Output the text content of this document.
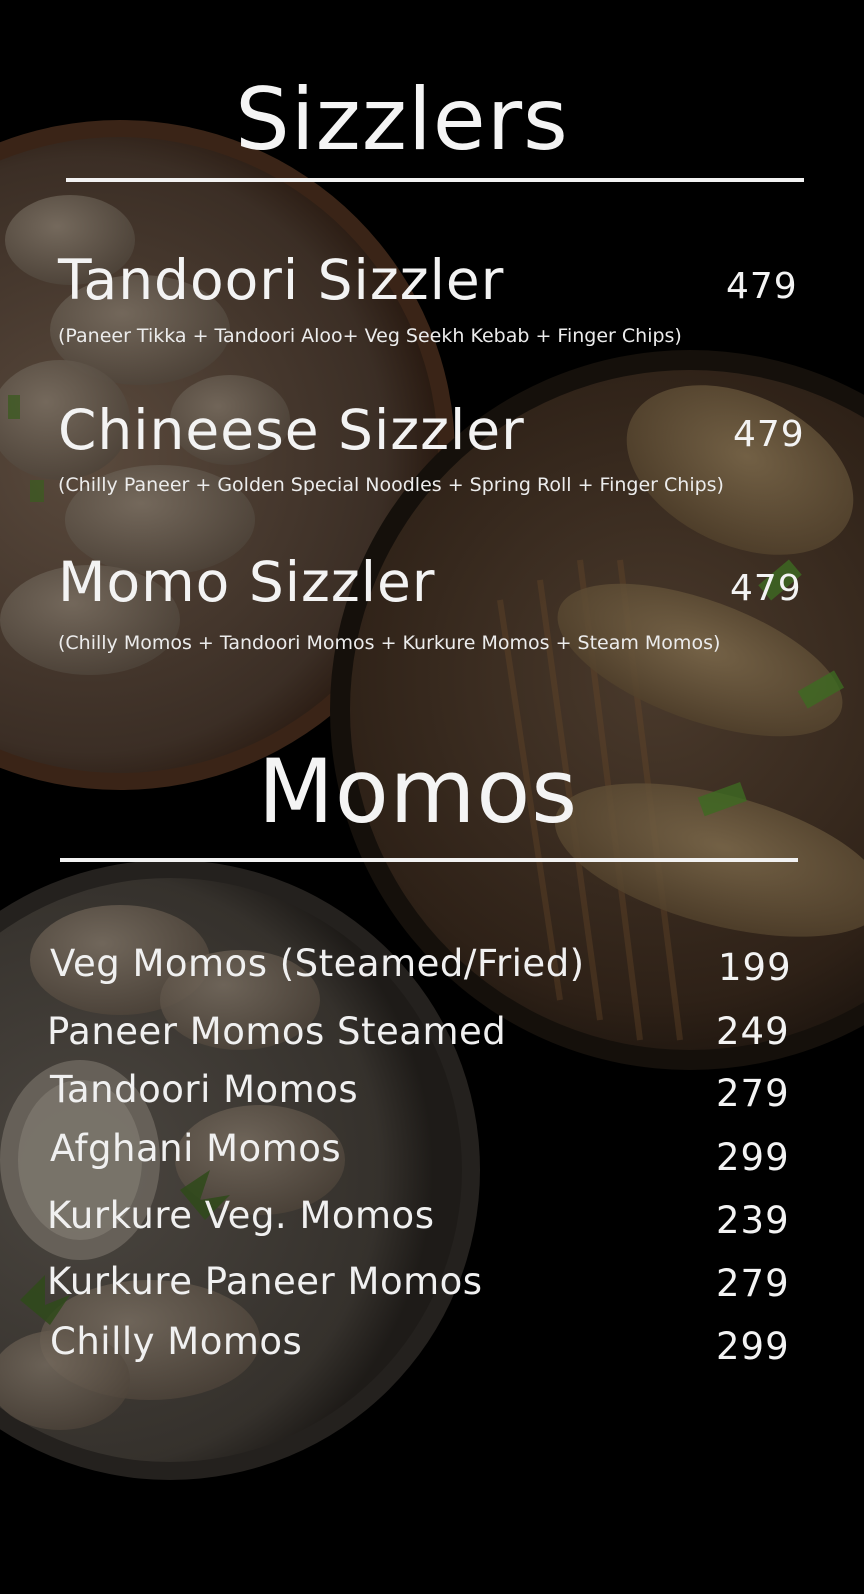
Sizzlers
Tandoori Sizzler	479
(Paneer Tikka + Tandoori Aloo+ Veg Seekh Kebab + Finger Chips)
Chineese Sizzler	479
(Chilly Paneer + Golden Special Noodles + Spring Roll + Finger Chips)
Momo Sizzler	479
(Chilly Momos + Tandoori Momos + Kurkure Momos + Steam Momos)
Momos
Veg Momos (Steamed/Fried)	199
Paneer Momos Steamed	249
Tandoori Momos	279
Afghani Momos	299
Kurkure Veg. Momos	239
Kurkure Paneer Momos	279
Chilly Momos	299
